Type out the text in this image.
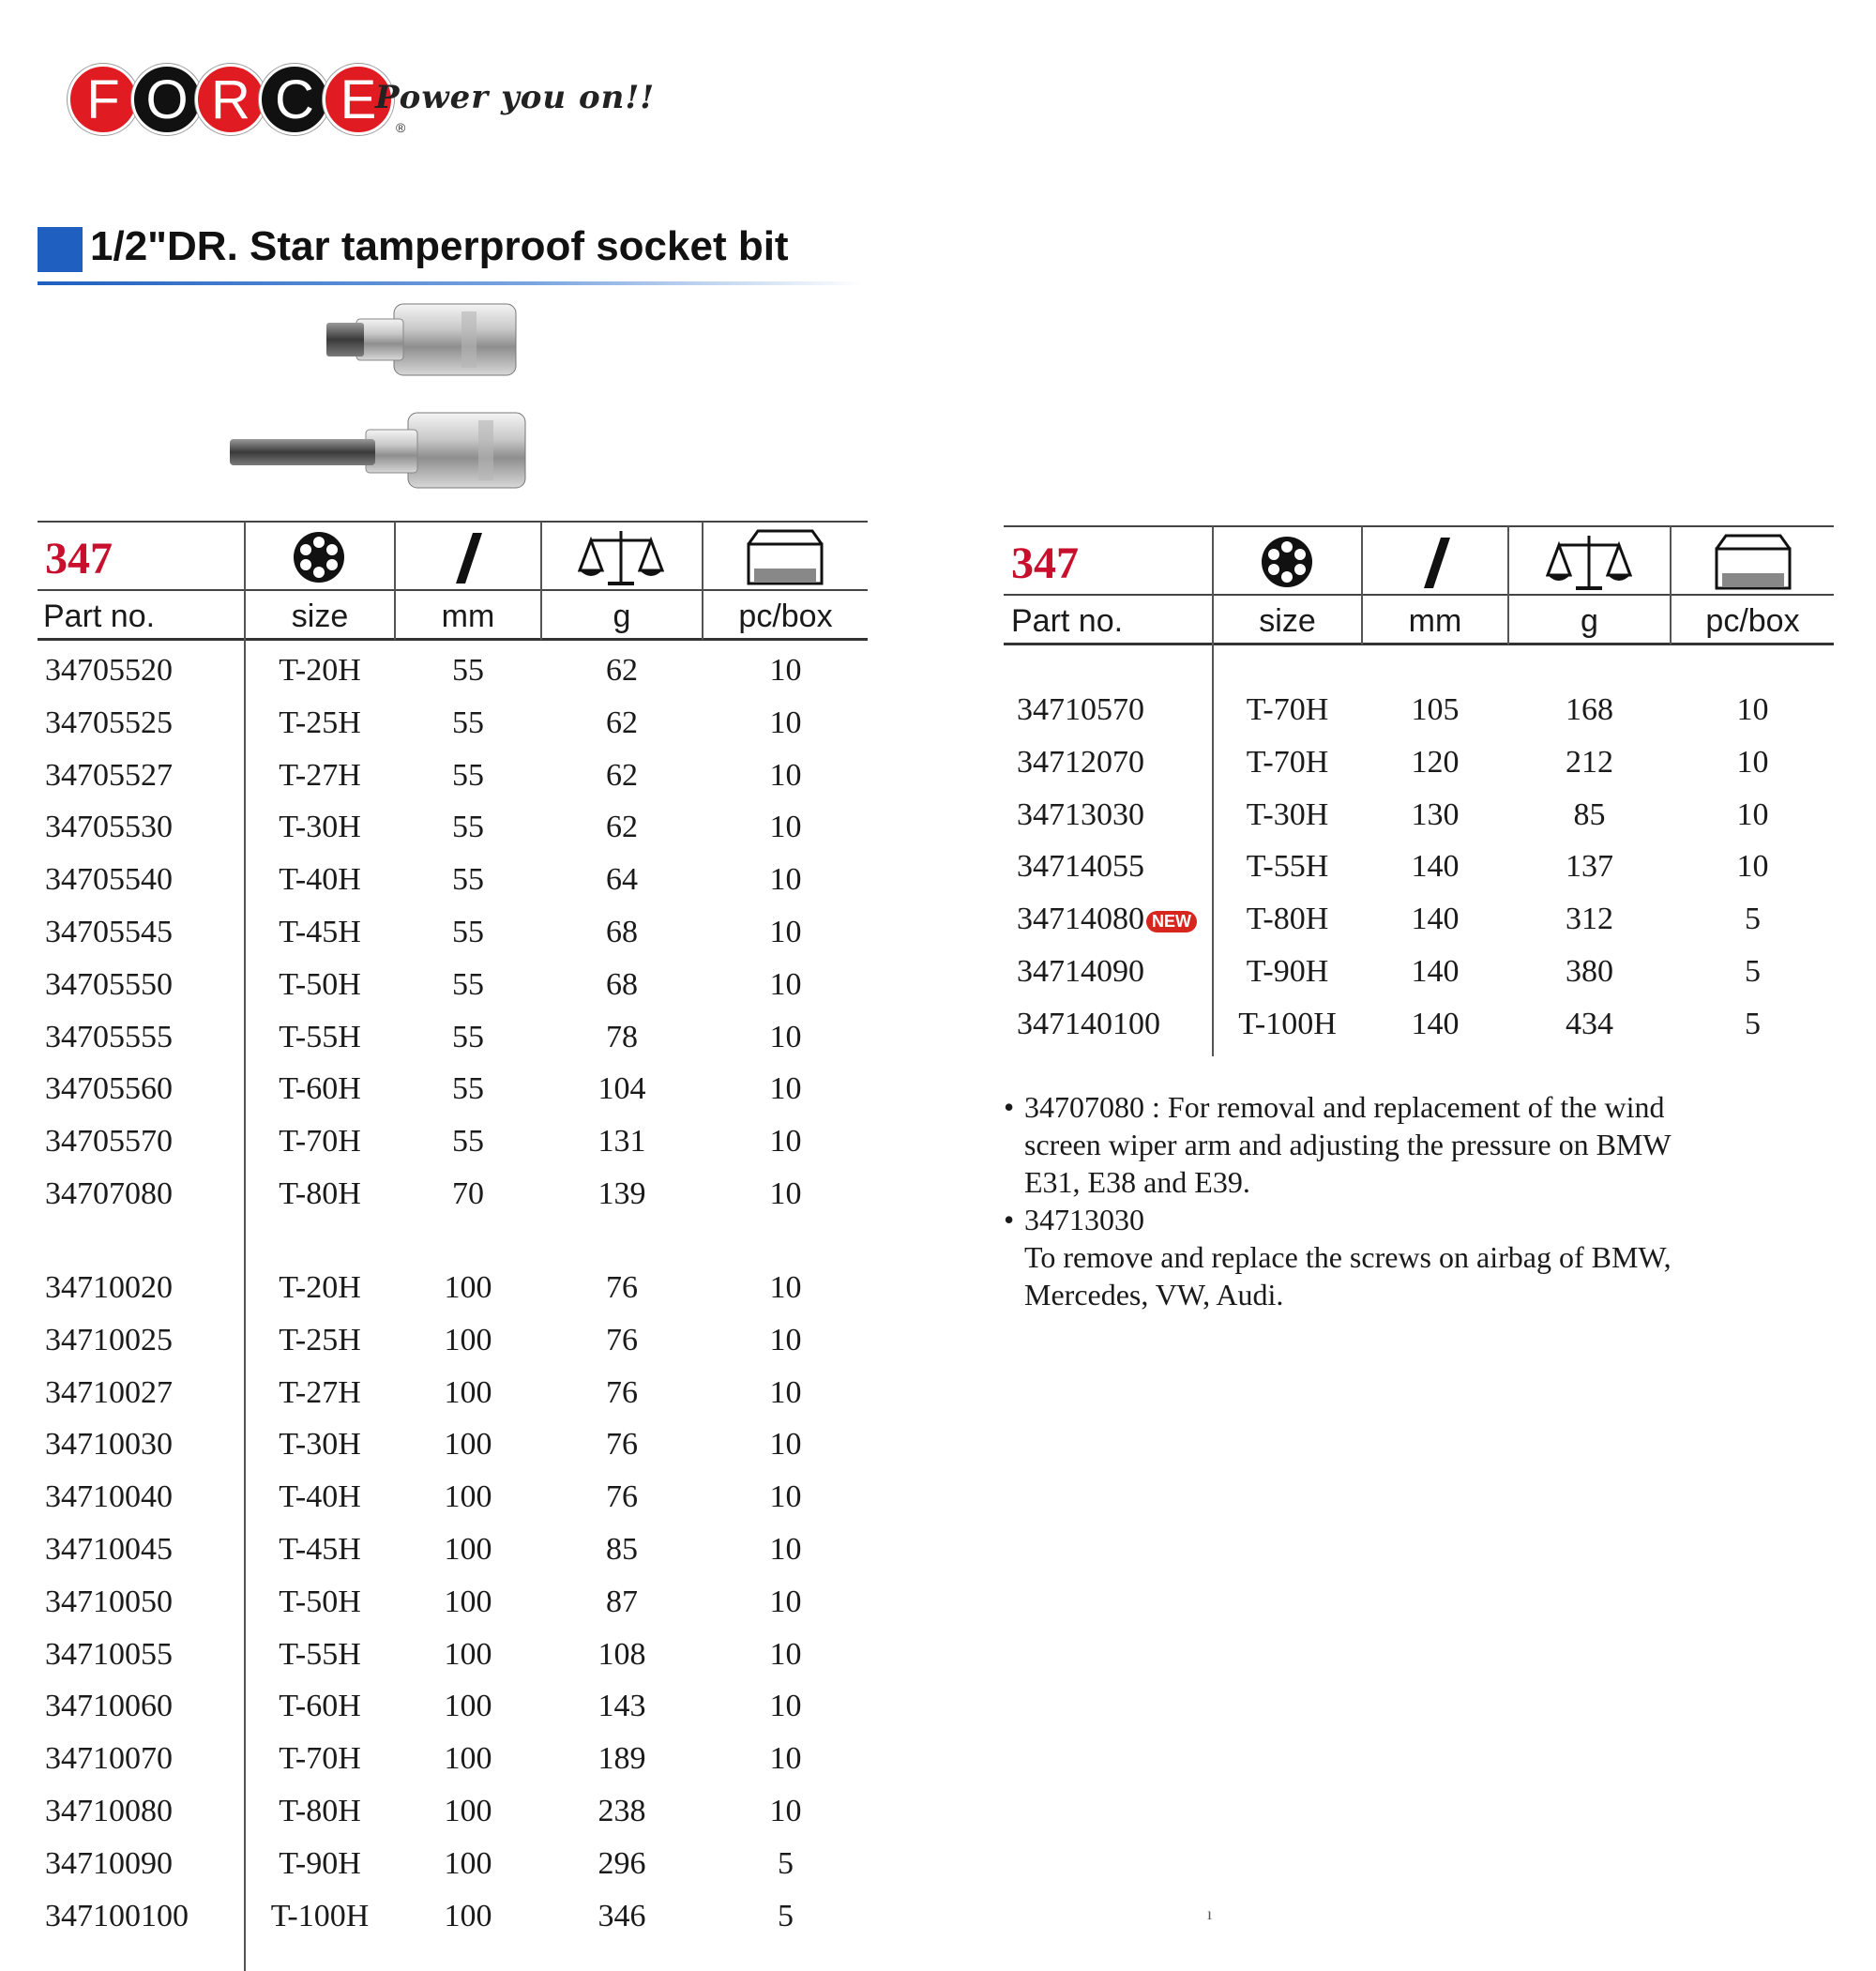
F O R C E	®
Power you on!!
1/2"DR. Star tamperproof socket bit
347
Part no.	size	mm	g	pc/box
34705520	T-20H	55	62	10
34705525	T-25H	55	62	10
34705527	T-27H	55	62	10
34705530	T-30H	55	62	10
34705540	T-40H	55	64	10
34705545	T-45H	55	68	10
34705550	T-50H	55	68	10
34705555	T-55H	55	78	10
34705560	T-60H	55	104	10
34705570	T-70H	55	131	10
34707080	T-80H	70	139	10
34710020	T-20H	100	76	10
34710025	T-25H	100	76	10
34710027	T-27H	100	76	10
34710030	T-30H	100	76	10
34710040	T-40H	100	76	10
34710045	T-45H	100	85	10
34710050	T-50H	100	87	10
34710055	T-55H	100	108	10
34710060	T-60H	100	143	10
34710070	T-70H	100	189	10
34710080	T-80H	100	238	10
34710090	T-90H	100	296	5
347100100	T-100H	100	346	5
347
Part no.	size	mm	g	pc/box
34710570	T-70H	105	168	10
34712070	T-70H	120	212	10
34713030	T-30H	130	85	10
34714055	T-55H	140	137	10
34714080 NEW	T-80H	140	312	5
34714090	T-90H	140	380	5
347140100	T-100H	140	434	5
• 34707080 : For removal and replacement of the wind
screen wiper arm and adjusting the pressure on BMW
E31, E38 and E39.
• 34713030
To remove and replace the screws on airbag of BMW,
Mercedes, VW, Audi.
ı
